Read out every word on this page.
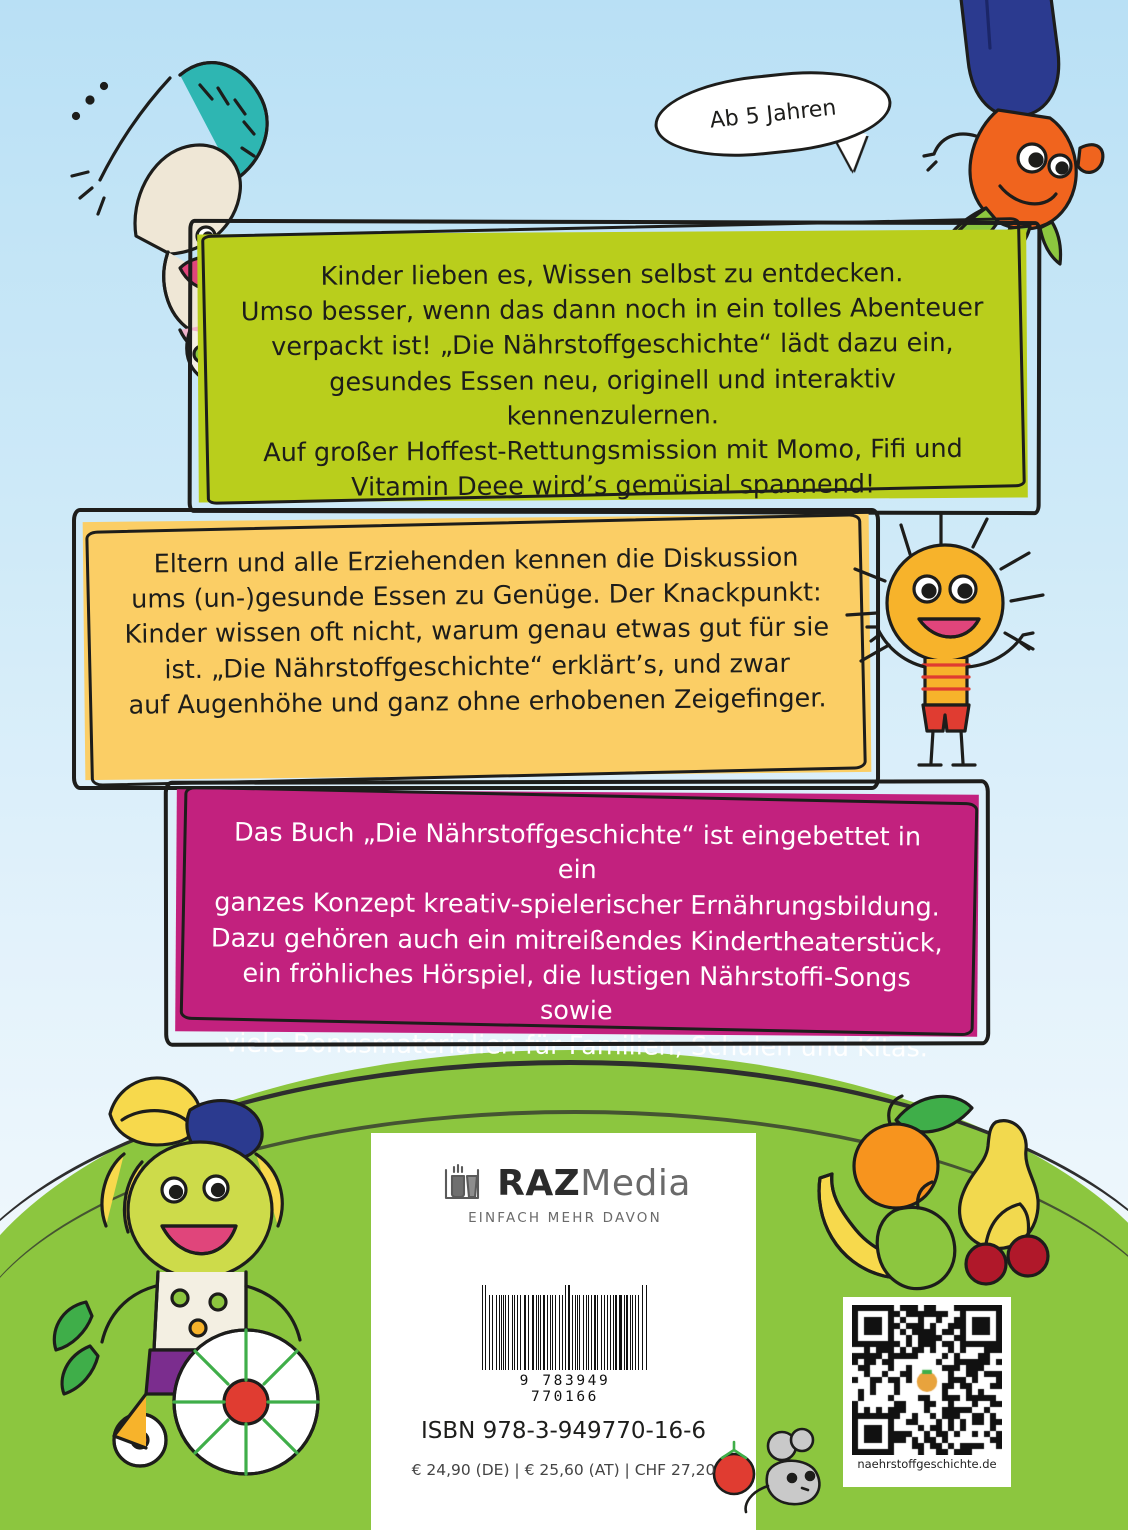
Ab 5 Jahren
Kinder lieben es, Wissen selbst zu entdecken.
Umso besser, wenn das dann noch in ein tolles Abenteuer
verpackt ist! „Die Nährstoffgeschichte“ lädt dazu ein,
gesundes Essen neu, originell und interaktiv kennenzulernen.
Auf großer Hoffest-Rettungsmission mit Momo, Fifi und
Vitamin Deee wird’s gemüsial spannend!
Eltern und alle Erziehenden kennen die Diskussion
ums (un-)gesunde Essen zu Genüge. Der Knackpunkt:
Kinder wissen oft nicht, warum genau etwas gut für sie
ist. „Die Nährstoffgeschichte“ erklärt’s, und zwar
auf Augenhöhe und ganz ohne erhobenen Zeigefinger.
Das Buch „Die Nährstoffgeschichte“ ist eingebettet in ein
ganzes Konzept kreativ-spielerischer Ernährungsbildung.
Dazu gehören auch ein mitreißendes Kindertheaterstück,
ein fröhliches Hörspiel, die lustigen Nährstoffi-Songs sowie
viele Bonusmaterialien für Familien, Schulen und Kitas.
RAZMedia
EINFACH MEHR DAVON
9 783949 770166
ISBN 978-3-949770-16-6
€ 24,90 (DE) | € 25,60 (AT) | CHF 27,20	naehrstoffgeschichte.de
